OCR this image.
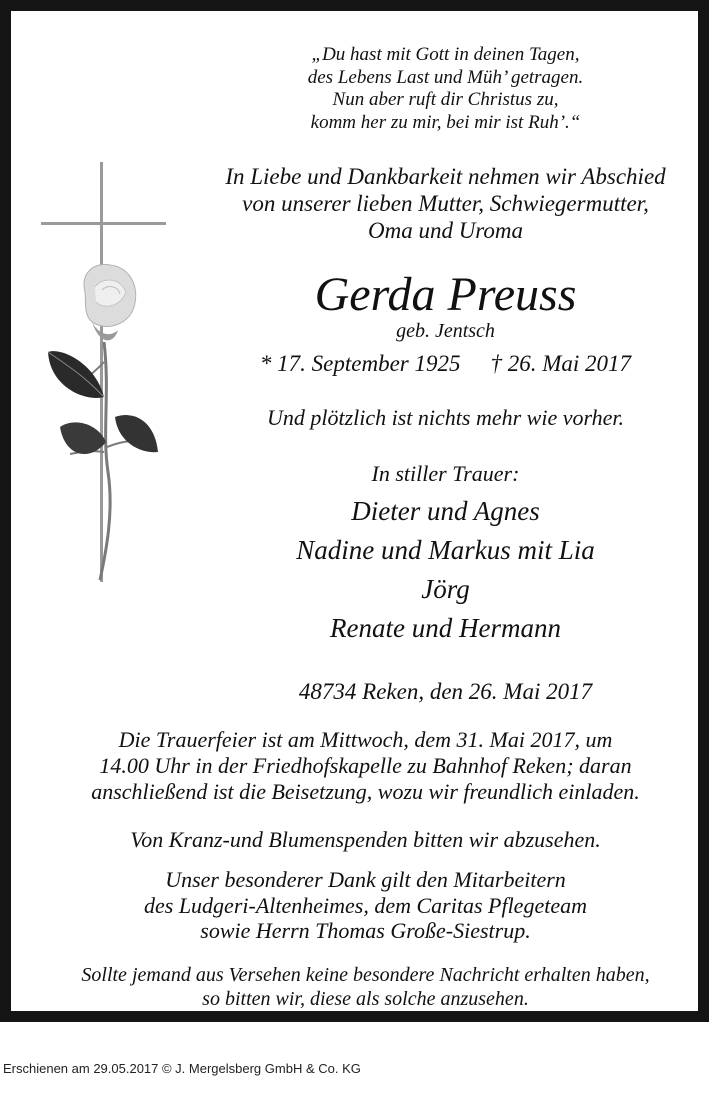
„Du hast mit Gott in deinen Tagen,
des Lebens Last und Müh’ getragen.
Nun aber ruft dir Christus zu,
komm her zu mir, bei mir ist Ruh’.“

In Liebe und Dankbarkeit nehmen wir Abschied
von unserer lieben Mutter, Schwiegermutter,
Oma und Uroma

Gerda Preuss

geb. Jentsch

* 17. September 1925 † 26. Mai 2017

Und plötzlich ist nichts mehr wie vorher.

In stiller Trauer:

Dieter und Agnes
Nadine und Markus mit Lia
Jörg
Renate und Hermann

48734 Reken, den 26. Mai 2017

Die Trauerfeier ist am Mittwoch, dem 31. Mai 2017, um
14.00 Uhr in der Friedhofskapelle zu Bahnhof Reken; daran
anschließend ist die Beisetzung, wozu wir freundlich einladen.

Von Kranz-und Blumenspenden bitten wir abzusehen.

Unser besonderer Dank gilt den Mitarbeitern
des Ludgeri-Altenheimes, dem Caritas Pflegeteam
sowie Herrn Thomas Große-Siestrup.

Sollte jemand aus Versehen keine besondere Nachricht erhalten haben,
so bitten wir, diese als solche anzusehen.

Erschienen am 29.05.2017 © J. Mergelsberg GmbH & Co. KG
